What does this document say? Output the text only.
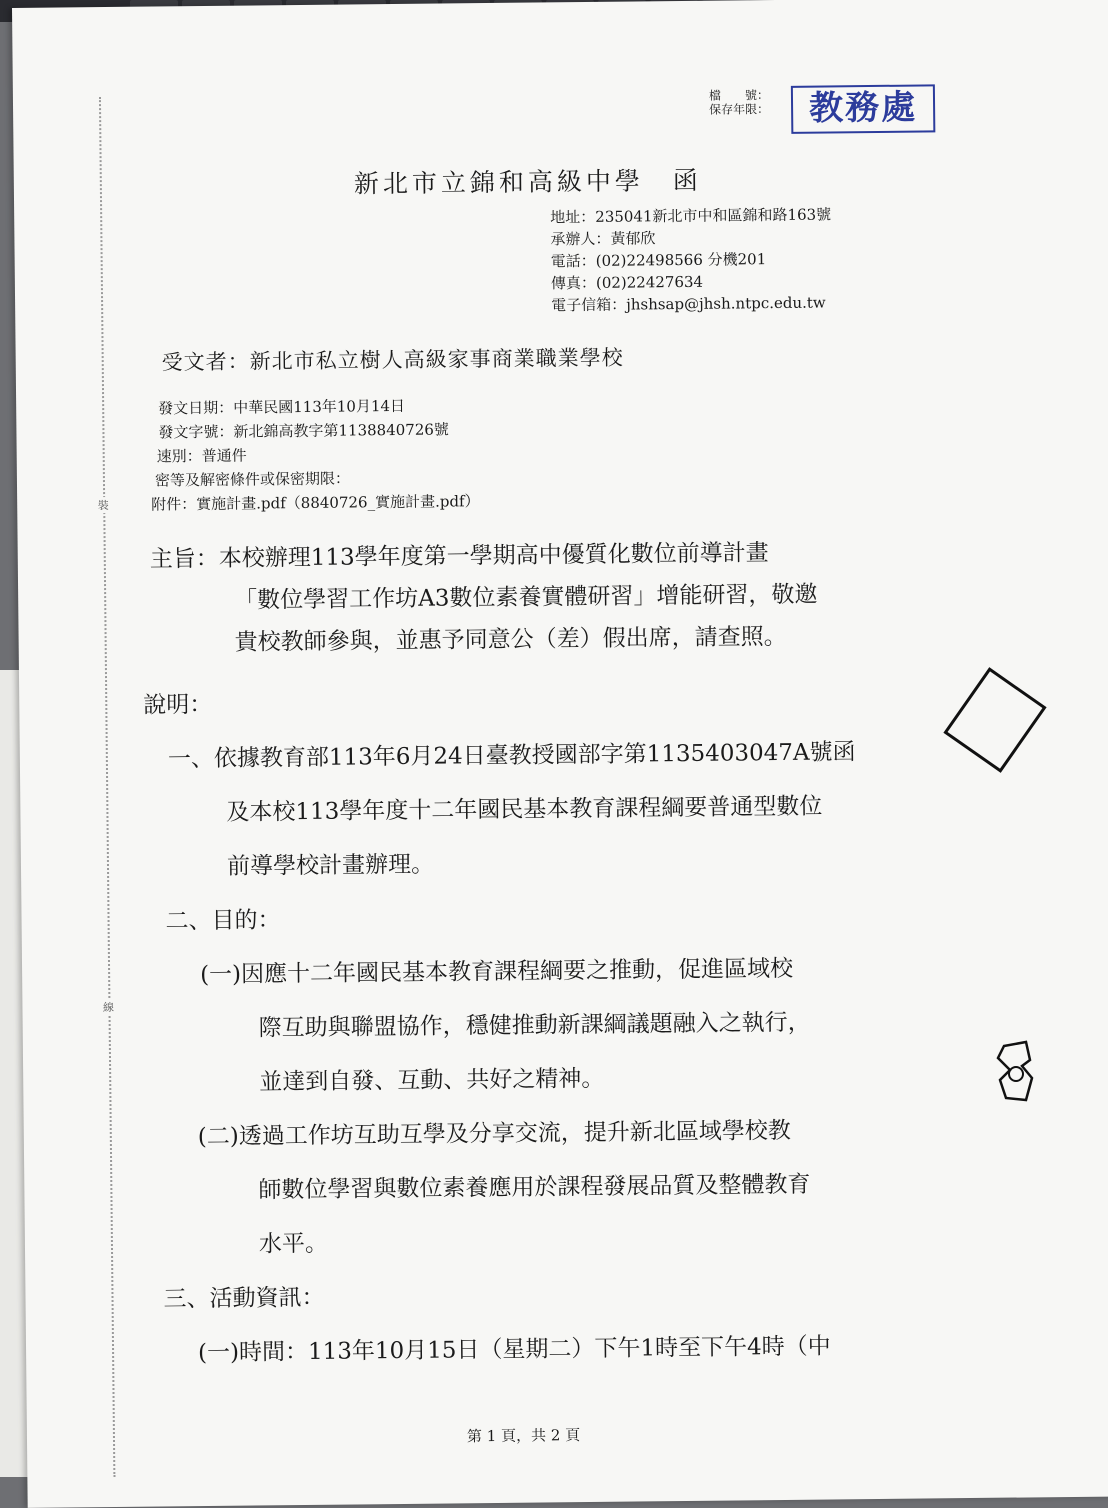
裝
線

檔　　號：
保存年限：	教務處
新北市立錦和高級中學　函
地址：235041新北市中和區錦和路163號
承辦人：黃郁欣
電話：(02)22498566 分機201
傳真：(02)22427634
電子信箱：jhshsap@jhsh.ntpc.edu.tw
受文者：新北市私立樹人高級家事商業職業學校
發文日期：中華民國113年10月14日
發文字號：新北錦高教字第1138840726號
速別：普通件
密等及解密條件或保密期限：
附件：實施計畫.pdf（8840726_實施計畫.pdf）
主旨：本校辦理113學年度第一學期高中優質化數位前導計畫
「數位學習工作坊A3數位素養實體研習」增能研習，敬邀
貴校教師參與，並惠予同意公（差）假出席，請查照。
說明：
一、依據教育部113年6月24日臺教授國部字第1135403047A號函
及本校113學年度十二年國民基本教育課程綱要普通型數位
前導學校計畫辦理。
二、目的：
(一)因應十二年國民基本教育課程綱要之推動，促進區域校
際互助與聯盟協作，穩健推動新課綱議題融入之執行，
並達到自發、互動、共好之精神。
(二)透過工作坊互助互學及分享交流，提升新北區域學校教
師數位學習與數位素養應用於課程發展品質及整體教育
水平。
三、活動資訊：
(一)時間：113年10月15日（星期二）下午1時至下午4時（中
第 1 頁，共 2 頁
